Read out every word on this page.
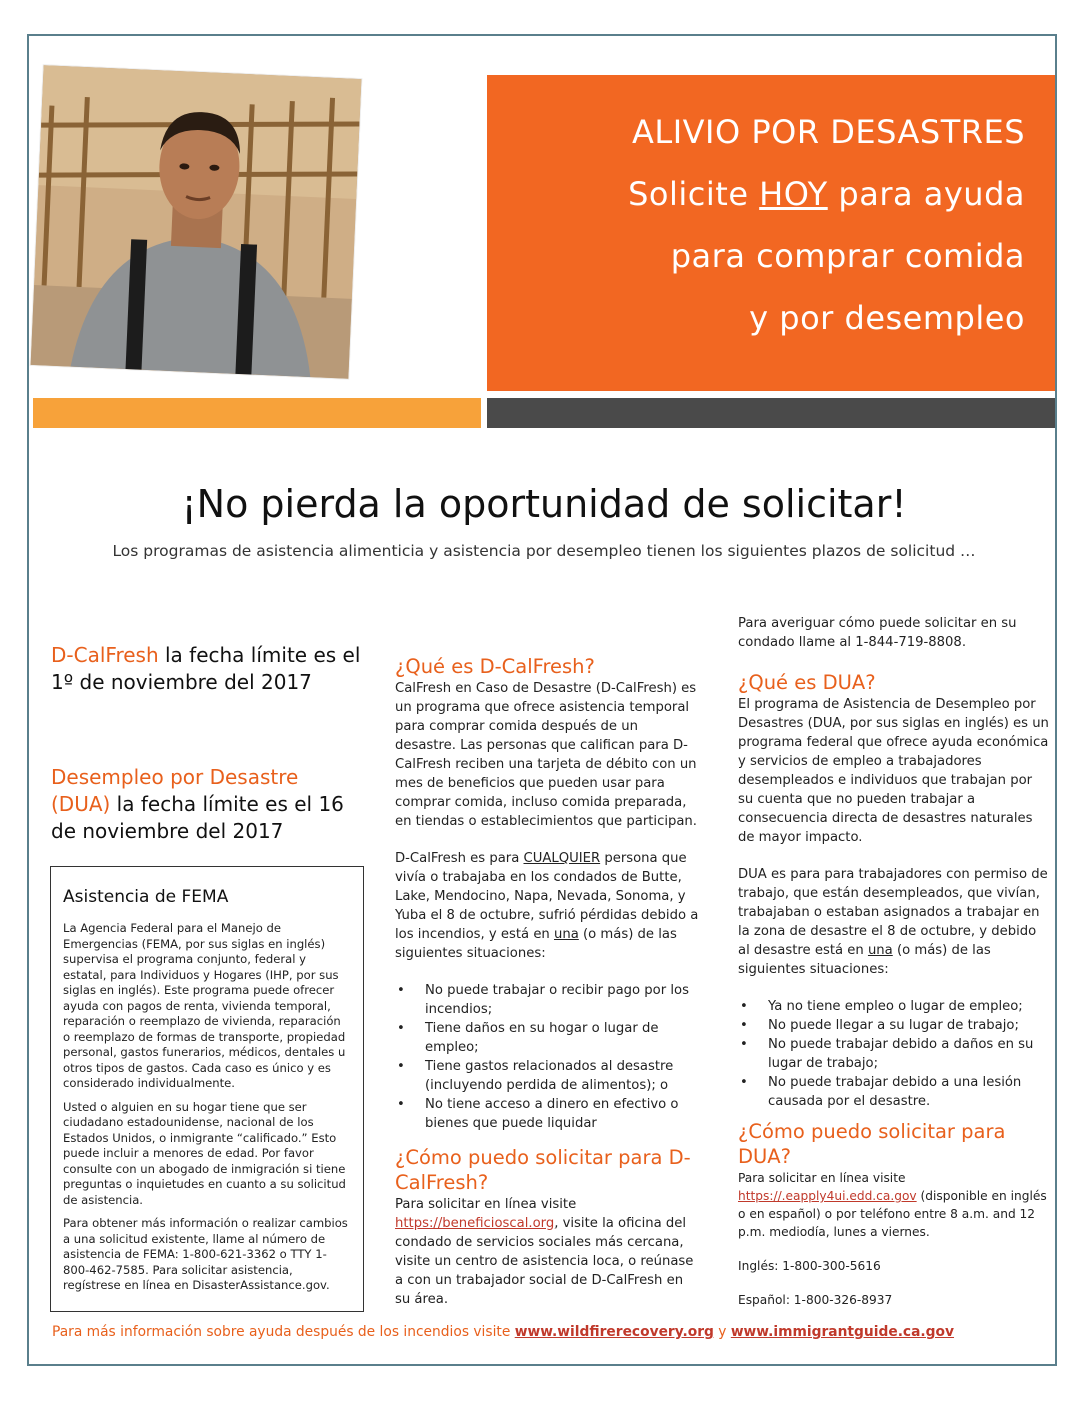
ALIVIO POR DESASTRES
Solicite HOY para ayuda
para comprar comida
y por desempleo
¡No pierda la oportunidad de solicitar!
Los programas de asistencia alimenticia y asistencia por desempleo tienen los siguientes plazos de solicitud …
D-CalFresh la fecha límite es el 1º de noviembre del 2017
Desempleo por Desastre (DUA) la fecha límite es el 16 de noviembre del 2017
Asistencia de FEMA

La Agencia Federal para el Manejo de Emergencias (FEMA, por sus siglas en inglés) supervisa el programa conjunto, federal y estatal, para Individuos y Hogares (IHP, por sus siglas en inglés). Este programa puede ofrecer ayuda con pagos de renta, vivienda temporal, reparación o reemplazo de vivienda, reparación o reemplazo de formas de transporte, propiedad personal, gastos funerarios, médicos, dentales u otros tipos de gastos. Cada caso es único y es considerado individualmente.

Usted o alguien en su hogar tiene que ser ciudadano estadounidense, nacional de los Estados Unidos, o inmigrante “calificado.” Esto puede incluir a menores de edad. Por favor consulte con un abogado de inmigración si tiene preguntas o inquietudes en cuanto a su solicitud de asistencia.

Para obtener más información o realizar cambios a una solicitud existente, llame al número de asistencia de FEMA: 1-800-621-3362 o TTY 1-800-462-7585. Para solicitar asistencia, regístrese en línea en DisasterAssistance.gov.

¿Qué es D-CalFresh?

CalFresh en Caso de Desastre (D-CalFresh) es un programa que ofrece asistencia temporal para comprar comida después de un desastre. Las personas que califican para D-CalFresh reciben una tarjeta de débito con un mes de beneficios que pueden usar para comprar comida, incluso comida preparada, en tiendas o establecimientos que participan.

D-CalFresh es para CUALQUIER persona que vivía o trabajaba en los condados de Butte, Lake, Mendocino, Napa, Nevada, Sonoma, y Yuba el 8 de octubre, sufrió pérdidas debido a los incendios, y está en una (o más) de las siguientes situaciones:

• No puede trabajar o recibir pago por los incendios;
• Tiene daños en su hogar o lugar de empleo;
• Tiene gastos relacionados al desastre (incluyendo perdida de alimentos); o
• No tiene acceso a dinero en efectivo o bienes que puede liquidar
¿Cómo puedo solicitar para D-CalFresh?

Para solicitar en línea visite https://beneficioscal.org, visite la oficina del condado de servicios sociales más cercana, visite un centro de asistencia loca, o reúnase a con un trabajador social de D-CalFresh en su área.

Para averiguar cómo puede solicitar en su condado llame al 1-844-719-8808.

¿Qué es DUA?

El programa de Asistencia de Desempleo por Desastres (DUA, por sus siglas en inglés) es un programa federal que ofrece ayuda económica y servicios de empleo a trabajadores desempleados e individuos que trabajan por su cuenta que no pueden trabajar a consecuencia directa de desastres naturales de mayor impacto.

DUA es para para trabajadores con permiso de trabajo, que están desempleados, que vivían, trabajaban o estaban asignados a trabajar en la zona de desastre el 8 de octubre, y debido al desastre está en una (o más) de las siguientes situaciones:

• Ya no tiene empleo o lugar de empleo;
• No puede llegar a su lugar de trabajo;
• No puede trabajar debido a daños en su lugar de trabajo;
• No puede trabajar debido a una lesión causada por el desastre.
¿Cómo puedo solicitar para DUA?

Para solicitar en línea visite https://.eapply4ui.edd.ca.gov (disponible en inglés o en español) o por teléfono entre 8 a.m. and 12 p.m. mediodía, lunes a viernes.

Inglés: 1-800-300-5616

Español: 1-800-326-8937

Para más información sobre ayuda después de los incendios visite www.wildfirerecovery.org y www.immigrantguide.ca.gov
